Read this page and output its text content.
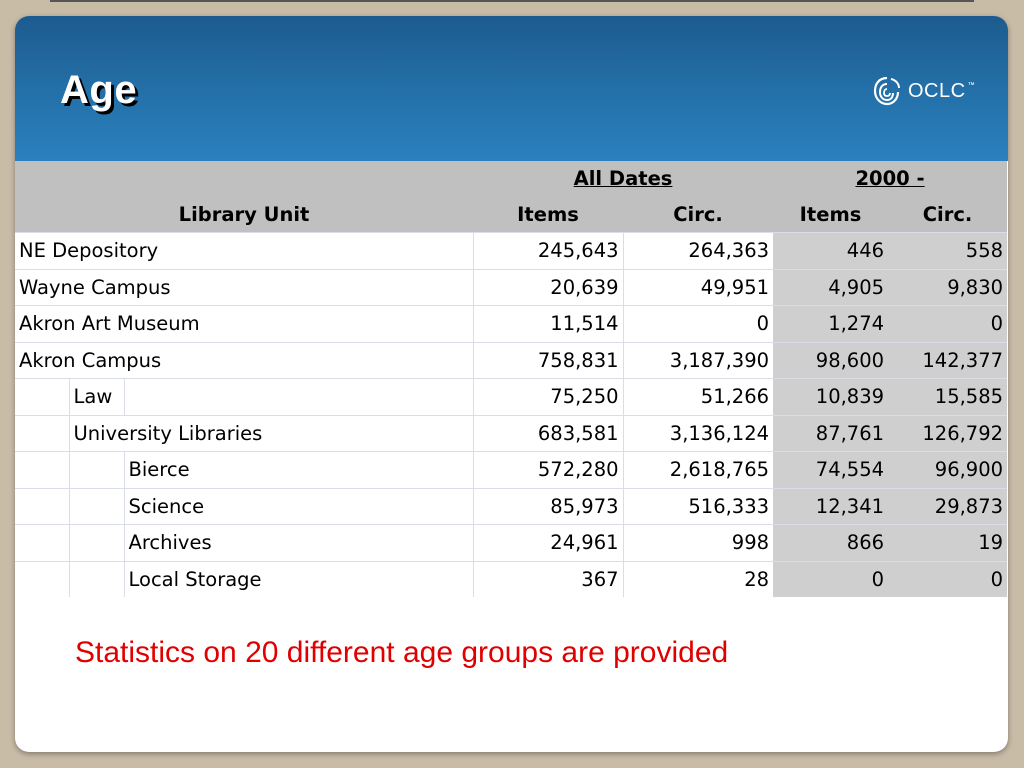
Age	OCLC ™
			All Dates		2000 -	
Library Unit			Items	Circ.	Items	Circ.
NE Depository			245,643	264,363	446	558
Wayne Campus			20,639	49,951	4,905	9,830
Akron Art Museum			11,514	0	1,274	0
Akron Campus			758,831	3,187,390	98,600	142,377
	Law		75,250	51,266	10,839	15,585
	University Libraries		683,581	3,136,124	87,761	126,792
		Bierce	572,280	2,618,765	74,554	96,900
		Science	85,973	516,333	12,341	29,873
		Archives	24,961	998	866	19
		Local Storage	367	28	0	0

Statistics on 20 different age groups are provided
